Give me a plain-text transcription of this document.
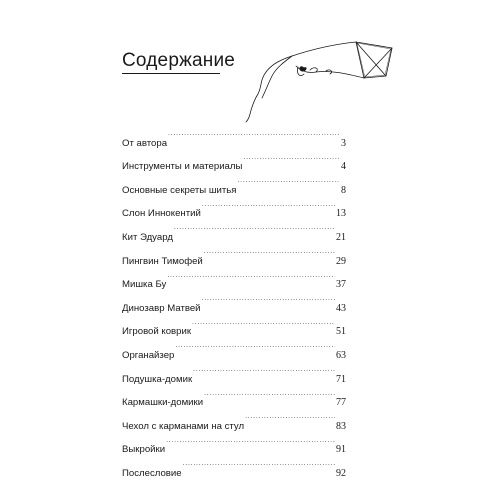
Содержание
От автора . . .	3
Инструменты и материалы . . .	4
Основные секреты шитья . . .	8
Слон Иннокентий . . .	13
Кит Эдуард . . .	21
Пингвин Тимофей . . .	29
Мишка Бу . . .	37
Динозавр Матвей . . .	43
Игровой коврик . . .	51
Органайзер . . .	63
Подушка-домик . . .	71
Кармашки-домики . . .	77
Чехол с карманами на стул . . .	83
Выкройки . . .	91
Послесловие . . .	92
